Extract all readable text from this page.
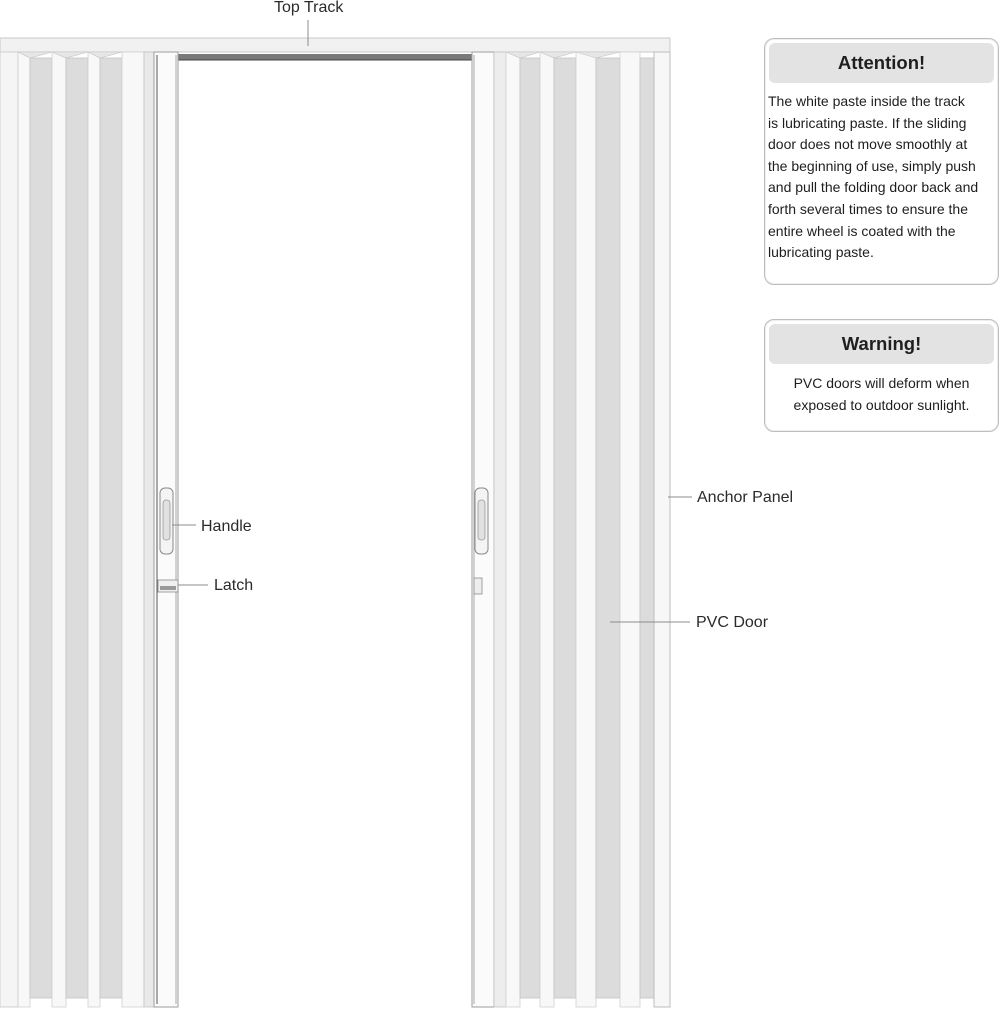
Top Track
Handle
Latch
Anchor Panel
PVC Door
Attention!
The white paste inside the track
is lubricating paste. If the sliding
door does not move smoothly at
the beginning of use, simply push
and pull the folding door back and
forth several times to ensure the
entire wheel is coated with the
lubricating paste.
Warning!
PVC doors will deform when
exposed to outdoor sunlight.
